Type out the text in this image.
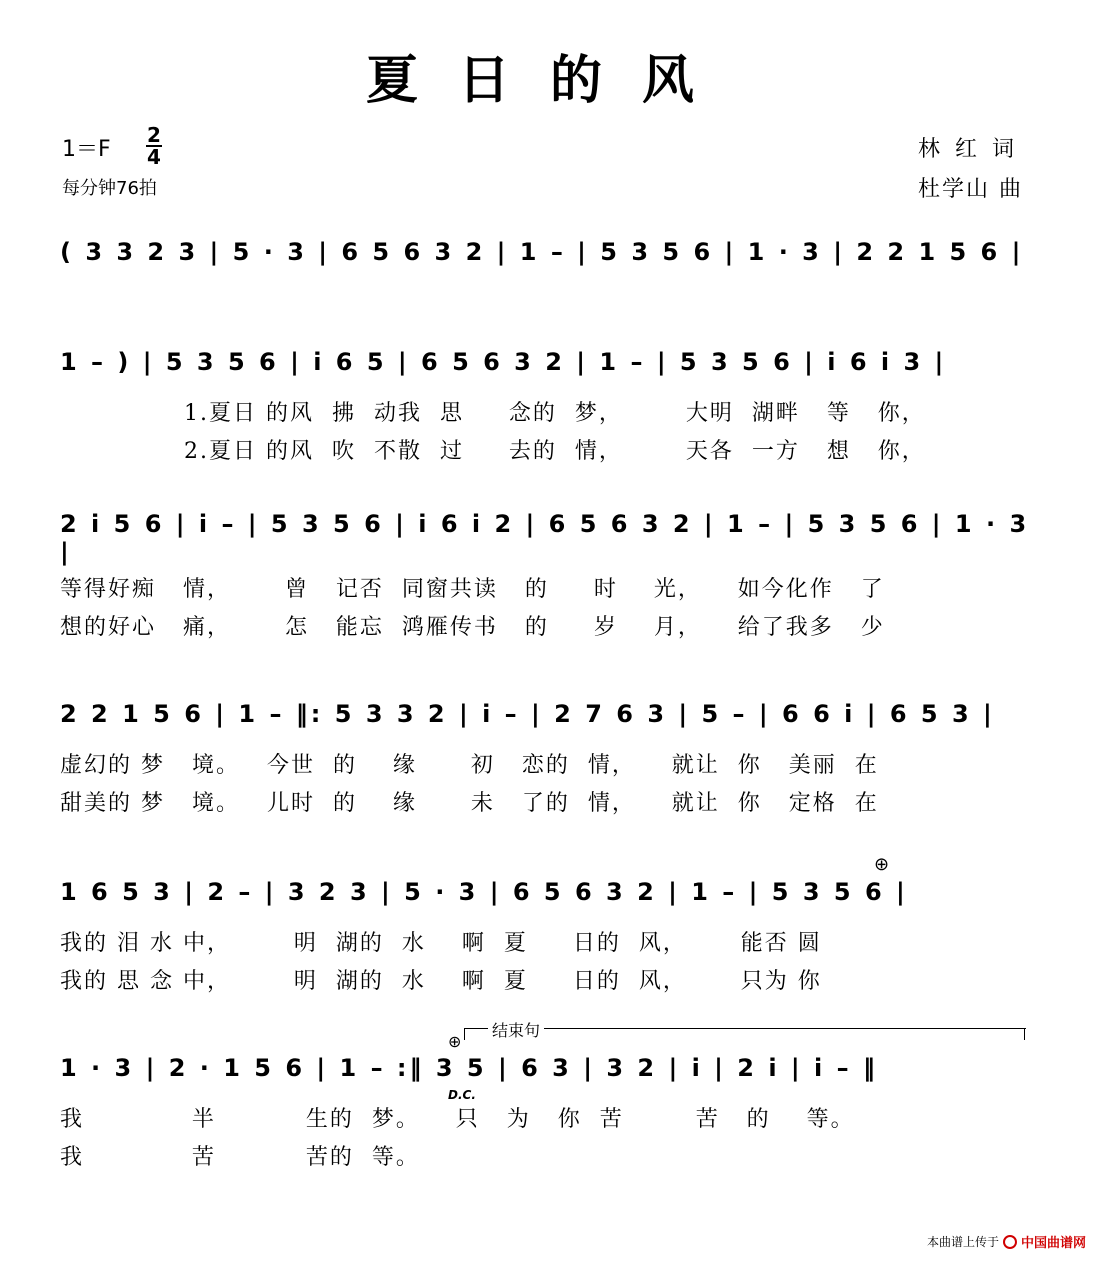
夏日的风
1＝F
2
4
每分钟76拍
林 红 词
杜学山 曲
( 3 3 2 3 | 5 · 3 | 6 5 6 3 2 | 1 – | 5 3 5 6 | 1 · 3 | 2 2 1 5 6 |
1 – ) | 5 3 5 6 | i 6 5 | 6 5 6 3 2 | 1 – | 5 3 5 6 | i 6 i 3 |
1.夏日 的风  拂  动我  思     念的  梦，       大明  湖畔   等   你，
2.夏日 的风  吹  不散  过     去的  情，       天各  一方   想   你，
2 i 5 6 | i – | 5 3 5 6 | i 6 i 2 | 6 5 6 3 2 | 1 – | 5 3 5 6 | 1 · 3 |
等得好痴   情，      曾   记否  同窗共读   的     时    光，    如今化作   了
想的好心   痛，      怎   能忘  鸿雁传书   的     岁    月，    给了我多   少
2 2 1 5 6 | 1 – ‖: 5 3 3 2 | i – | 2 7 6 3 | 5 – | 6 6 i | 6 5 3 |
虚幻的 梦   境。   今世  的    缘      初   恋的  情，    就让  你   美丽  在
甜美的 梦   境。   儿时  的    缘      未   了的  情，    就让  你   定格  在
⊕
1 6 5 3 | 2 – | 3 2 3 | 5 · 3 | 6 5 6 3 2 | 1 – | 5 3 5 6 |
我的 泪 水 中，       明  湖的  水    啊  夏     日的  风，      能否 圆
我的 思 念 中，       明  湖的  水    啊  夏     日的  风，      只为 你
结束句
⊕
1 · 3 | 2 · 1 5 6 | 1 – :‖ 3 5 | 6 3 | 3 2 | i | 2 i | i – ‖
D.C.
我            半          生的  梦。    只   为   你  苦        苦   的    等。
我            苦          苦的  等。
本曲谱上传于 中国曲谱网
